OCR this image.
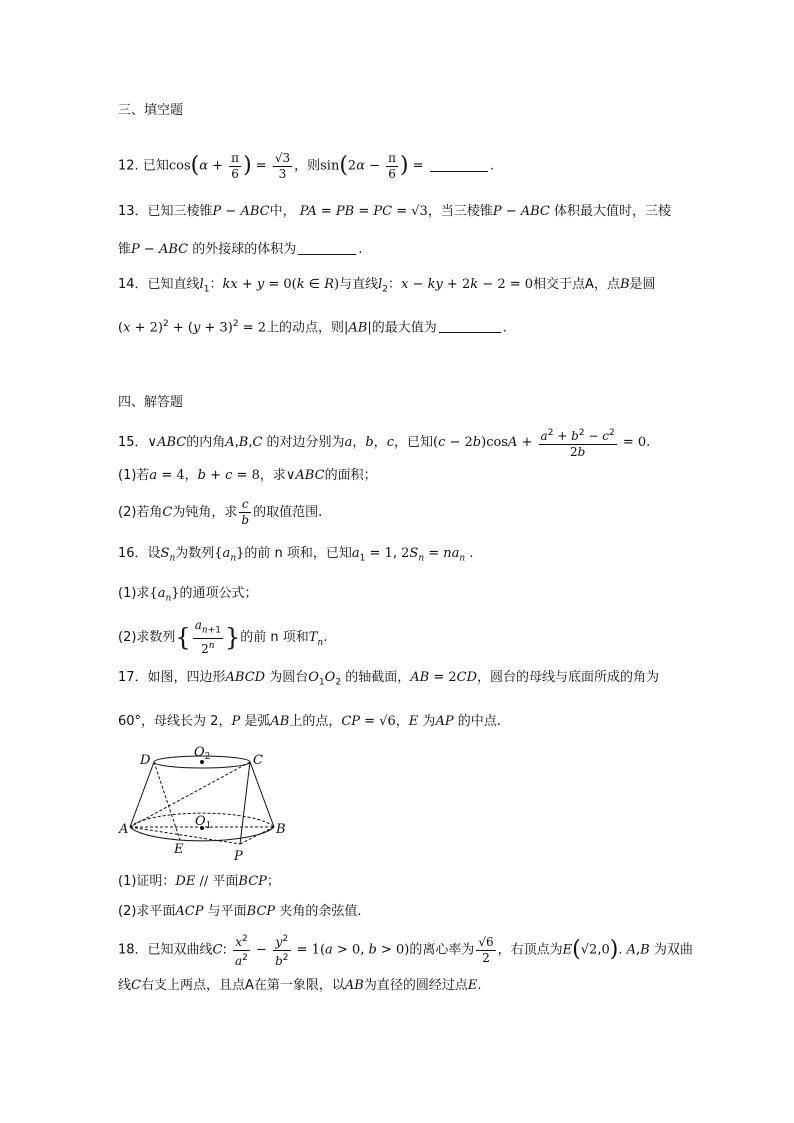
三、填空题
12. 已知$\cos(\alpha + \frac{\pi}{6}$ ) = $\frac{√3}{3}$ ，则$\sin(2\alpha - \frac{\pi}{6}$ ) =	.
13．已知三棱锥P − ABC中， PA = PB = PC = √3，当三棱锥P − ABC 体积最大值时，三棱
锥P − ABC 的外接球的体积为	.
14．已知直线$l_1$：kx + y = 0(k ∈ R)与直线$l_2$：x − ky + 2k − 2 = 0相交于点A，点B是圆
$(x + 2)^2 + (y + 3)^2 = 2$上的动点，则|AB|的最大值为	.
四、解答题
15．∨ABC的内角A,B,C 的对边分别为a，b，c，已知$(c - 2b)\cos A + \frac{a^2 + b^2 - c^2}{2b} = 0$.
(1)若a = 4，b + c = 8，求∨ABC的面积；
(2)若角C为钝角，求 $\frac{c}{b}$ 的取值范围.
16．设$S_n$为数列$\{a_n\}$的前 n 项和，已知$a_1 = 1$, $2S_n = na_n$ .
(1)求$\{a_n\}$的通项公式；
(2)求数列{ $\frac{a_{n+1}}{2^n}$ }的前 n 项和$T_n$.
17．如图，四边形ABCD 为圆台$O_1O_2$ 的轴截面，AB = 2CD，圆台的母线与底面所成的角为
60°，母线长为 2，P 是弧AB上的点，CP = √6，E 为AP 的中点.
D	C
A	B
E	P
$O_2$
$O_1$
(1)证明：DE // 平面BCP；
(2)求平面ACP 与平面BCP 夹角的余弦值.
18．已知双曲线C: $\frac{x^2}{a^2} - \frac{y^2}{b^2} = 1(a > 0$, b > 0)的离心率为 $\frac{√6}{2}$ ，右顶点为E(√2,0). A,B 为双曲
线C右支上两点，且点A在第一象限，以AB为直径的圆经过点E.
